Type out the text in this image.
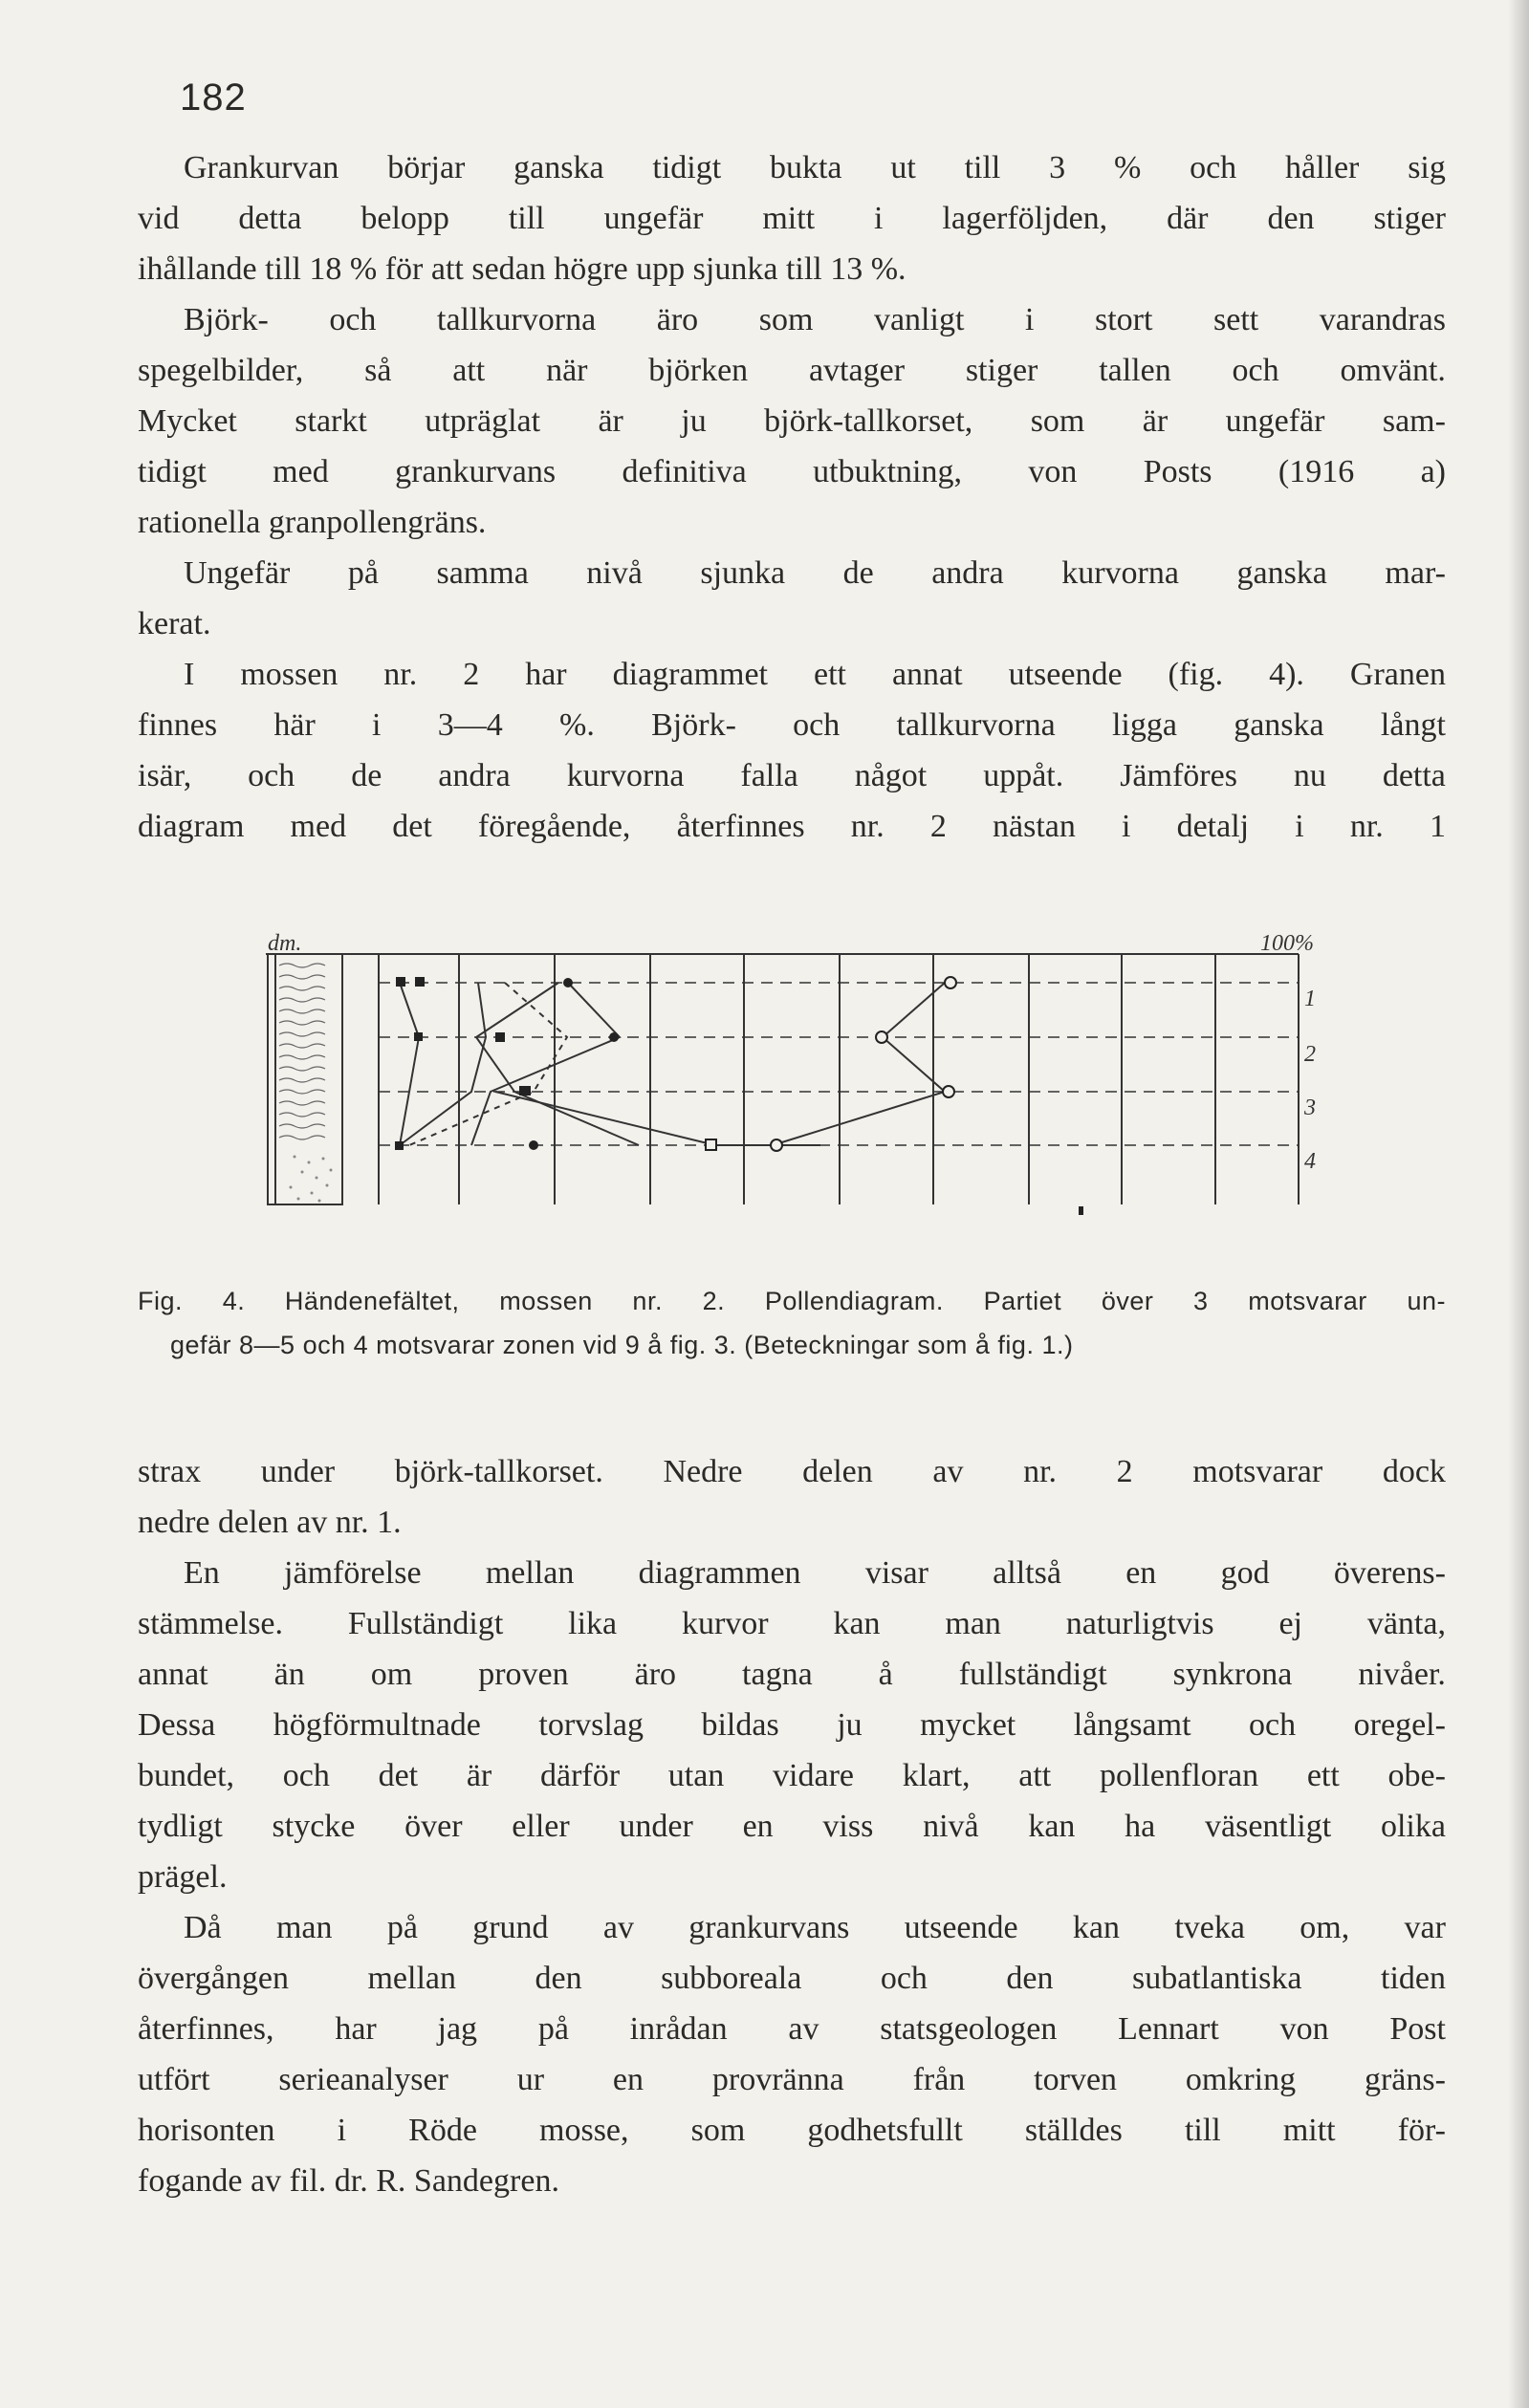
182
Grankurvan börjar ganska tidigt bukta ut till 3 % och håller sig
vid detta belopp till ungefär mitt i lagerföljden, där den stiger
ihållande till 18 % för att sedan högre upp sjunka till 13 %.
Björk- och tallkurvorna äro som vanligt i stort sett varandras
spegelbilder, så att när björken avtager stiger tallen och omvänt.
Mycket starkt utpräglat är ju björk-tallkorset, som är ungefär sam-
tidigt med grankurvans definitiva utbuktning, von Posts (1916 a)
rationella granpollengräns.
Ungefär på samma nivå sjunka de andra kurvorna ganska mar-
kerat.
I mossen nr. 2 har diagrammet ett annat utseende (fig. 4). Granen
finnes här i 3—4 %. Björk- och tallkurvorna ligga ganska långt
isär, och de andra kurvorna falla något uppåt. Jämföres nu detta
diagram med det föregående, återfinnes nr. 2 nästan i detalj i nr. 1
dm.	100%
1
2
3
4
Fig. 4. Händenefältet, mossen nr. 2. Pollendiagram. Partiet över 3 motsvarar un-
gefär 8—5 och 4 motsvarar zonen vid 9 å fig. 3. (Beteckningar som å fig. 1.)
strax under björk-tallkorset. Nedre delen av nr. 2 motsvarar dock
nedre delen av nr. 1.
En jämförelse mellan diagrammen visar alltså en god överens-
stämmelse. Fullständigt lika kurvor kan man naturligtvis ej vänta,
annat än om proven äro tagna å fullständigt synkrona nivåer.
Dessa högförmultnade torvslag bildas ju mycket långsamt och oregel-
bundet, och det är därför utan vidare klart, att pollenfloran ett obe-
tydligt stycke över eller under en viss nivå kan ha väsentligt olika
prägel.
Då man på grund av grankurvans utseende kan tveka om, var
övergången mellan den subboreala och den subatlantiska tiden
återfinnes, har jag på inrådan av statsgeologen Lennart von Post
utfört serieanalyser ur en provränna från torven omkring gräns-
horisonten i Röde mosse, som godhetsfullt ställdes till mitt för-
fogande av fil. dr. R. Sandegren.
